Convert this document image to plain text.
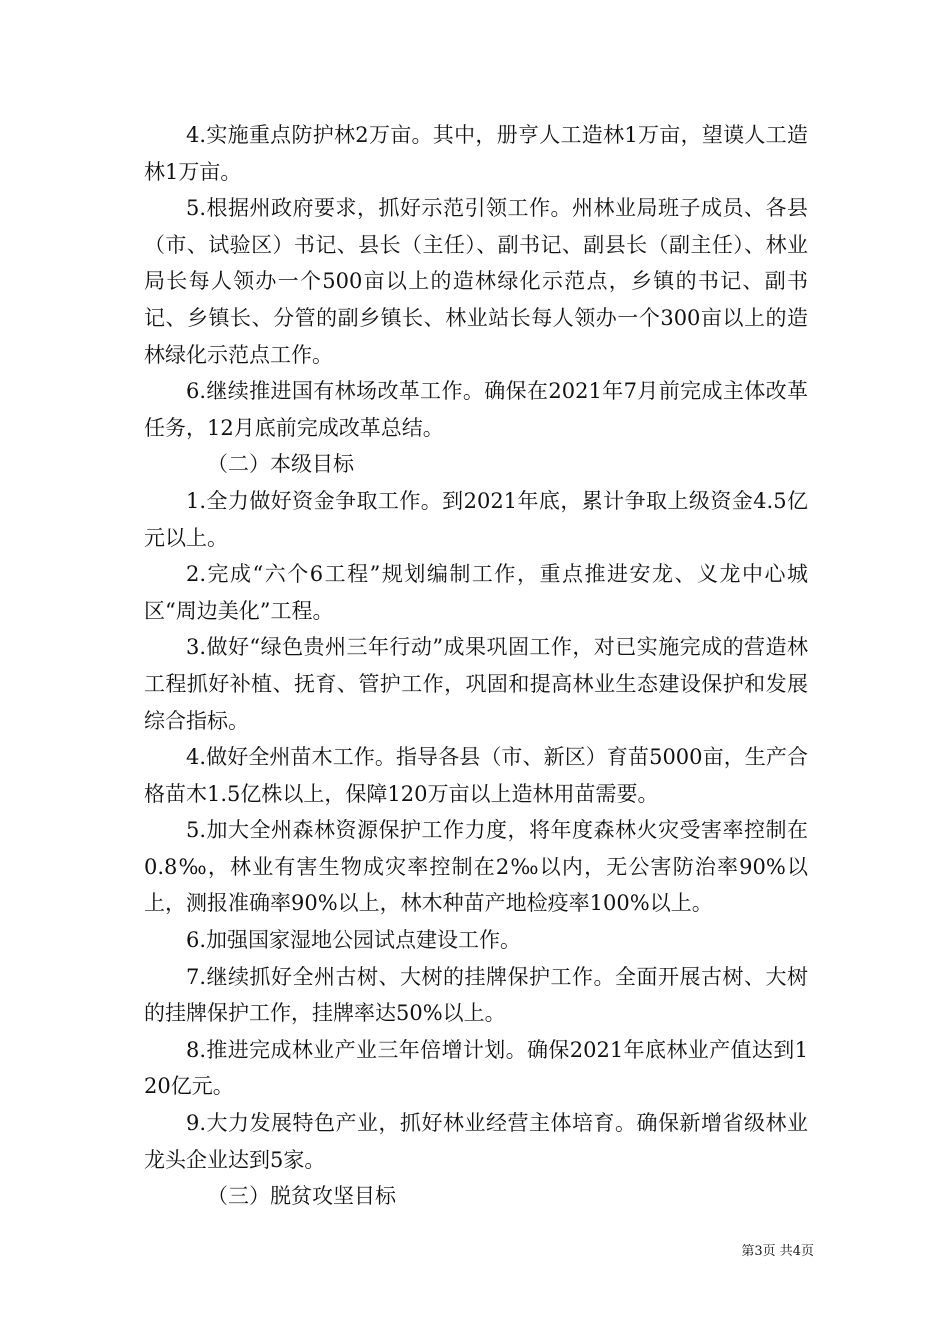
4.实施重点防护林2万亩。其中，册亨人工造林1万亩，望谟人工造林1万亩。

5.根据州政府要求，抓好示范引领工作。州林业局班子成员、各县（市、试验区）书记、县长（主任）、副书记、副县长（副主任）、林业局长每人领办一个500亩以上的造林绿化示范点，乡镇的书记、副书记、乡镇长、分管的副乡镇长、林业站长每人领办一个300亩以上的造林绿化示范点工作。

6.继续推进国有林场改革工作。确保在2021年7月前完成主体改革任务，12月底前完成改革总结。

（二）本级目标

1.全力做好资金争取工作。到2021年底，累计争取上级资金4.5亿元以上。

2.完成“六个6工程”规划编制工作，重点推进安龙、义龙中心城区“周边美化”工程。

3.做好“绿色贵州三年行动”成果巩固工作，对已实施完成的营造林工程抓好补植、抚育、管护工作，巩固和提高林业生态建设保护和发展综合指标。

4.做好全州苗木工作。指导各县（市、新区）育苗5000亩，生产合格苗木1.5亿株以上，保障120万亩以上造林用苗需要。

5.加大全州森林资源保护工作力度，将年度森林火灾受害率控制在0.8‰，林业有害生物成灾率控制在2‰以内，无公害防治率90%以上，测报准确率90%以上，林木种苗产地检疫率100%以上。

6.加强国家湿地公园试点建设工作。

7.继续抓好全州古树、大树的挂牌保护工作。全面开展古树、大树的挂牌保护工作，挂牌率达50%以上。

8.推进完成林业产业三年倍增计划。确保2021年底林业产值达到120亿元。

9.大力发展特色产业，抓好林业经营主体培育。确保新增省级林业龙头企业达到5家。

（三）脱贫攻坚目标

第3页 共4页
